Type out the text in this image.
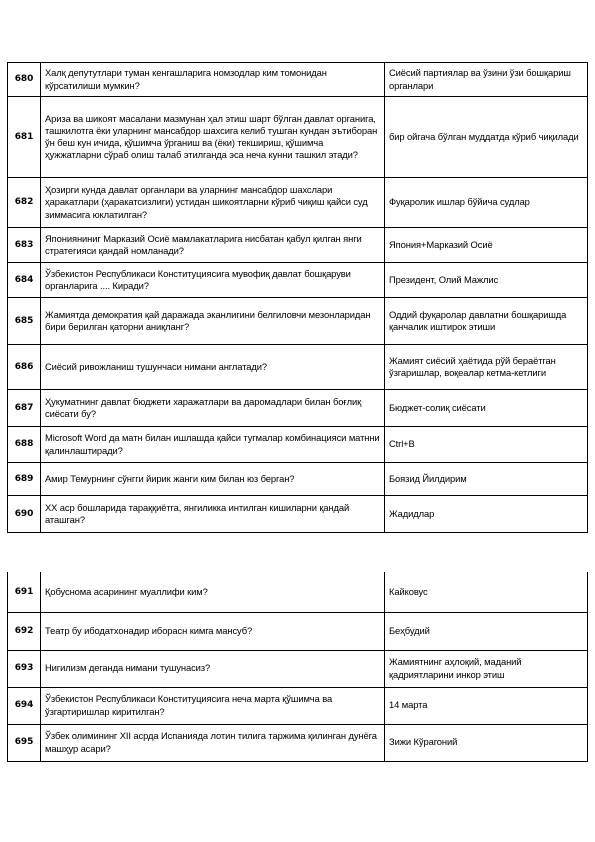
680	Халқ депутутлари туман кенгашларига номзодлар ким томонидан кўрсатилиши мумкин?	Сиёсий партиялар ва ўзини ўзи бошқариш органлари
681	Ариза ва шикоят масалани мазмунан ҳал этиш шарт бўлган давлат органига, ташкилотга ёки уларнинг мансабдор шахсига келиб тушган кундан эътиборан ўн беш кун ичида, қўшимча ўрганиш ва (ёки) текшириш, қўшимча ҳужжатларни сўраб олиш талаб этилганда эса неча кунни ташкил этади?	бир ойгача бўлган муддатда кўриб чиқилади
682	Ҳозирги кунда давлат органлари ва уларнинг мансабдор шахслари ҳаракатлари (ҳаракатсизлиги) устидан шикоятларни кўриб чиқиш қайси суд зиммасига юклатилган?	Фуқаролик ишлар бўйича судлар
683	Японияниниг Марказий Осиё мамлакатларига нисбатан қабул қилган янги стратегияси қандай номланади?	Япония+Марказий Осиё
684	Ўзбекистон Республикаси Конституциясига мувофиқ давлат бошқаруви органларига .... Киради?	Президент, Олий Мажлис
685	Жамиятда демократия қай даражада эканлигини белгиловчи мезонларидан бири берилган қаторни аниқланг?	Оддий фуқаролар давлатни бошқаришда қанчалик иштирок этиши
686	Сиёсий ривожланиш тушунчаси нимани англатади?	Жамият сиёсий ҳаётида рўй бераётган ўзгаришлар, воқеалар кетма-кетлиги
687	Ҳукуматнинг давлат бюджети харажатлари ва даромадлари билан боғлиқ сиёсати бу?	Бюджет-солиқ сиёсати
688	Microsoft Word да матн билан ишлашда қайси тугмалар комбинацияси матнни қалинлаштиради?	Ctrl+B
689	Амир Темурнинг сўнгги йирик жанги ким билан юз берган?	Боязид Йилдирим
690	XX аср бошларида тараққиётга, янгиликка интилган кишиларни қандай аташган?	Жадидлар
691	Қобуснома асарининг муаллифи ким?	Кайковус
692	Театр бу ибодатхонадир иборасн кимга мансуб?	Беҳбудий
693	Нигилизм деганда нимани тушунасиз?	Жамиятнинг аҳлоқий, маданий қадриятларини инкор этиш
694	Ўзбекистон Республикаси Конституциясига неча марта қўшимча ва ўзгартиришлар киритилган?	14 марта
695	Ўзбек олимининг XII асрда Испанияда лотин тилига таржима қилинган дунёга машҳур асари?	Зижи Кўрагоний
